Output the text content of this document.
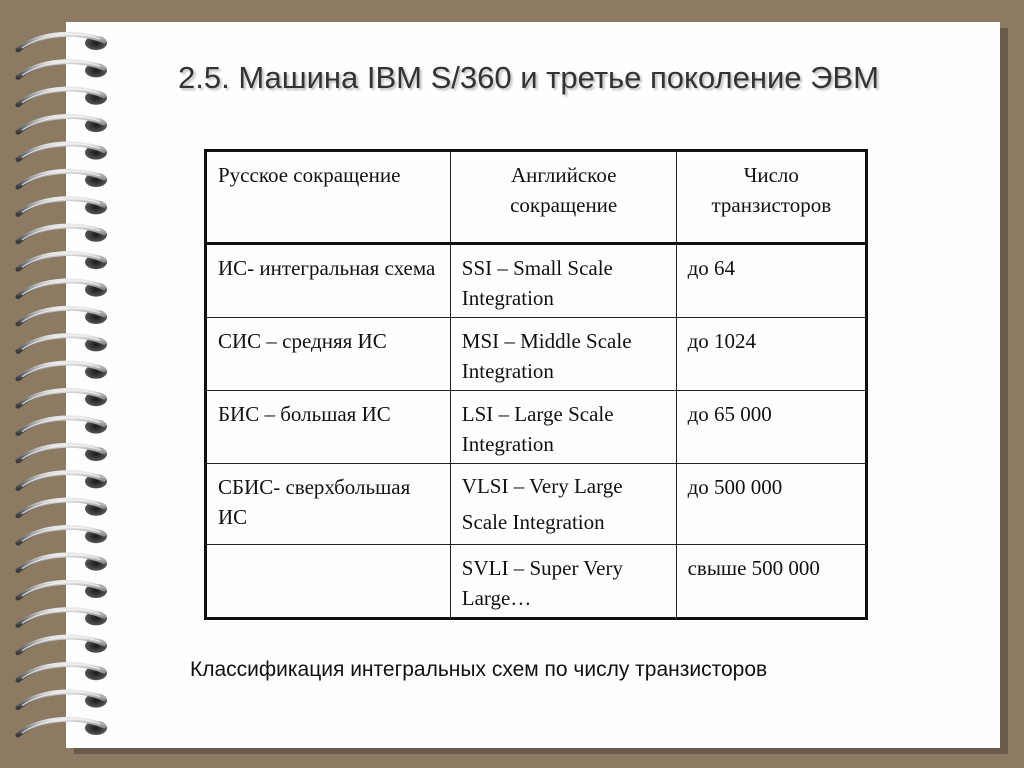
2.5. Машина IBM S/360 и третье поколение ЭВМ
Русское сокращение	Английское сокращение	Число транзисторов
ИС- интегральная схема	SSI – Small Scale Integration	до 64
СИС – средняя ИС	MSI – Middle Scale Integration	до 1024
БИС – большая ИС	LSI – Large Scale Integration	до 65 000
СБИС- сверхбольшая ИС	VLSI – Very Large Scale Integration	до 500 000
	SVLI – Super Very Large…	свыше 500 000
Классификация интегральных схем по числу транзисторов
